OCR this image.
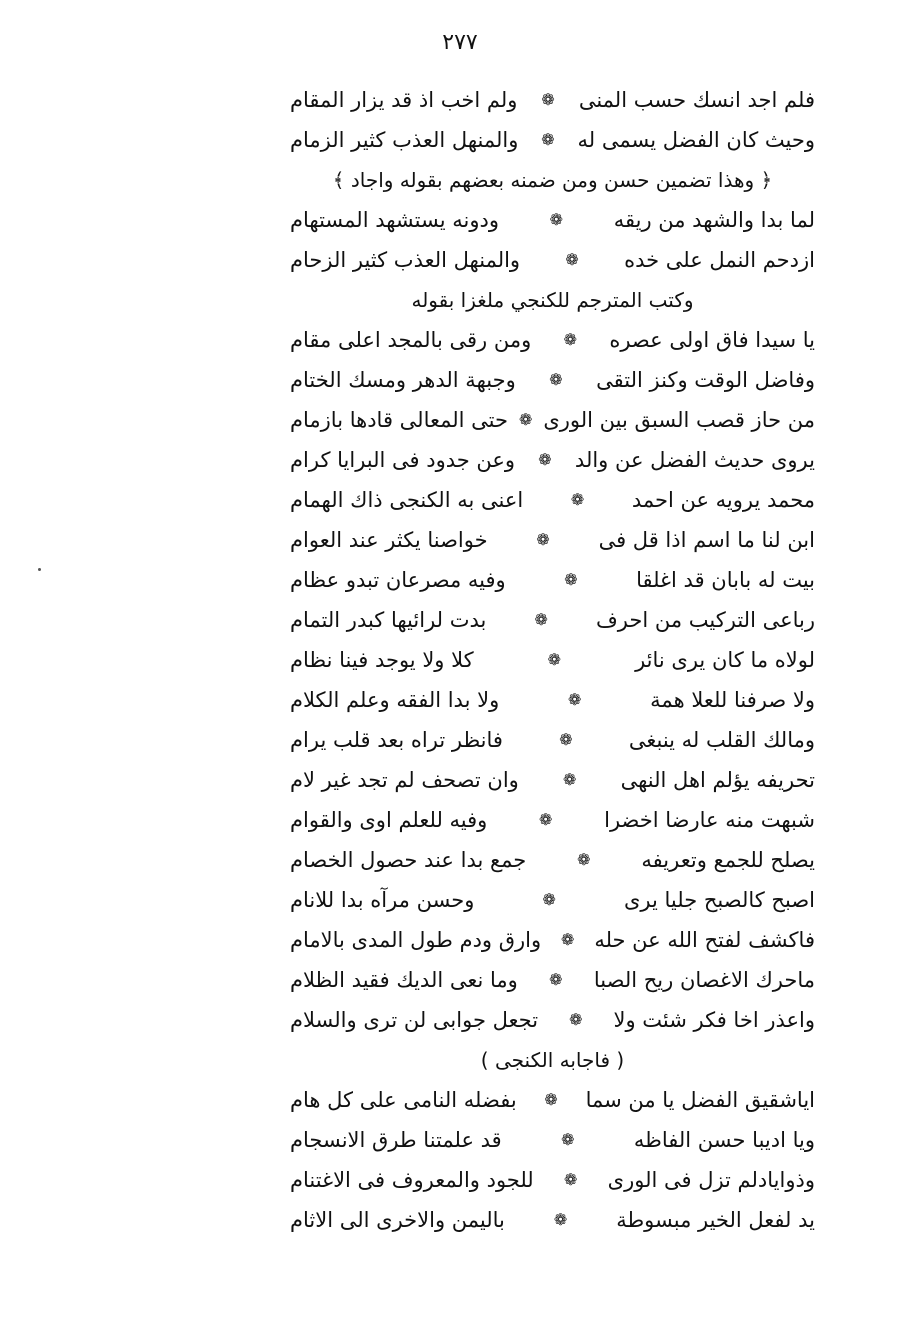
٢٧٧
فلم اجد انسك حسب المنى
❁
ولم اخب اذ قد يزار المقام
وحيث كان الفضل يسمى له
❁
والمنهل العذب كثير الزمام
﴿ وهذا تضمين حسن ومن ضمنه بعضهم بقوله واجاد ﴾
لما بدا والشهد من ريقه
❁
ودونه يستشهد المستهام
ازدحم النمل على خده
❁
والمنهل العذب كثير الزحام
وكتب المترجم للكنجي ملغزا بقوله
يا سيدا فاق اولى عصره
❁
ومن رقى بالمجد اعلى مقام
وفاضل الوقت وكنز التقى
❁
وجبهة الدهر ومسك الختام
من حاز قصب السبق بين الورى
❁
حتى المعالى قادها بازمام
يروى حديث الفضل عن والد
❁
وعن جدود فى البرايا كرام
محمد يرويه عن احمد
❁
اعنى به الكنجى ذاك الهمام
ابن لنا ما اسم اذا قل فى
❁
خواصنا يكثر عند العوام
بيت له بابان قد اغلقا
❁
وفيه مصرعان تبدو عظام
رباعى التركيب من احرف
❁
بدت لرائيها كبدر التمام
لولاه ما كان يرى نائر
❁
كلا ولا يوجد فينا نظام
ولا صرفنا للعلا همة
❁
ولا بدا الفقه وعلم الكلام
ومالك القلب له ينبغى
❁
فانظر تراه بعد قلب يرام
تحريفه يؤلم اهل النهى
❁
وان تصحف لم تجد غير لام
شبهت منه عارضا اخضرا
❁
وفيه للعلم اوى والقوام
يصلح للجمع وتعريفه
❁
جمع بدا عند حصول الخصام
اصبح كالصبح جليا يرى
❁
وحسن مرآه بدا للانام
فاكشف لفتح الله عن حله
❁
وارق ودم طول المدى بالامام
ماحرك الاغصان ريح الصبا
❁
وما نعى الديك فقيد الظلام
واعذر اخا فكر شئت ولا
❁
تجعل جوابى لن ترى والسلام
( فاجابه الكنجى )
اياشقيق الفضل يا من سما
❁
بفضله النامى على كل هام
ويا اديبا حسن الفاظه
❁
قد علمتنا طرق الانسجام
وذوايادلم تزل فى الورى
❁
للجود والمعروف فى الاغتنام
يد لفعل الخير مبسوطة
❁
باليمن والاخرى الى الاثام
